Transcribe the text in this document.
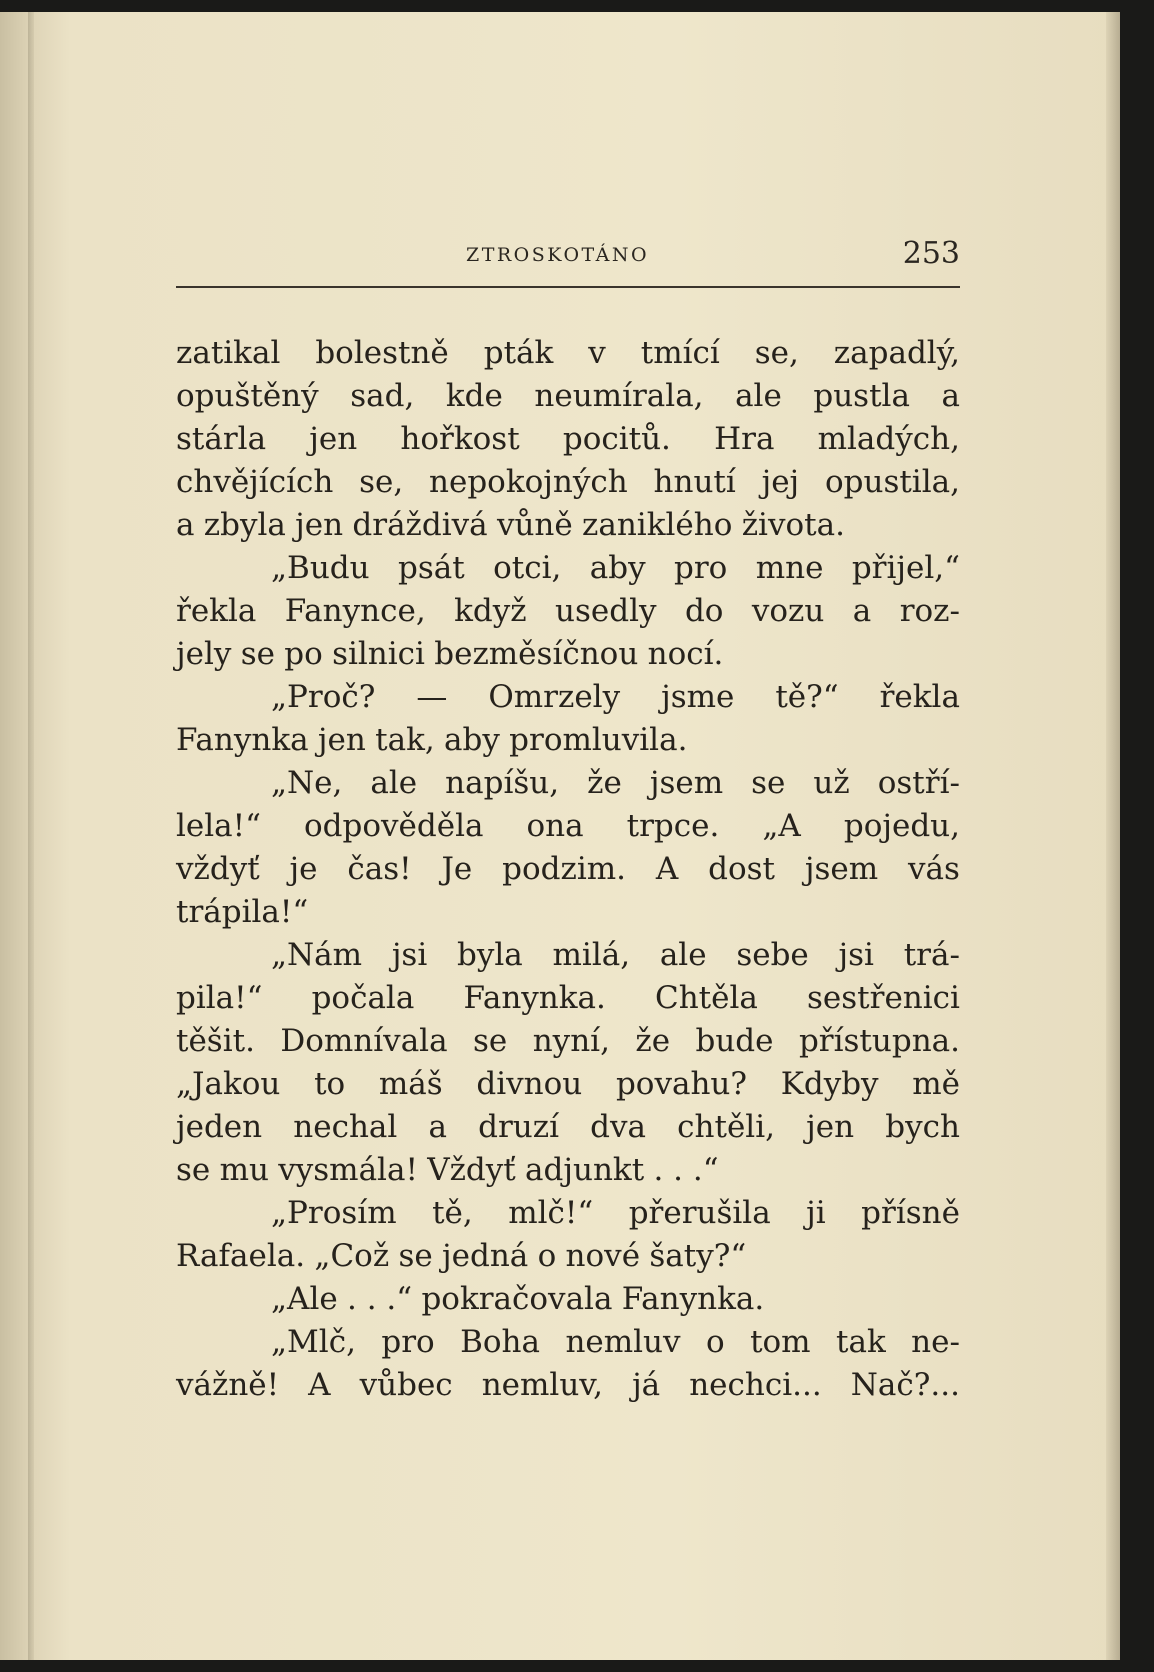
ZTROSKOTÁNO	253
zatikal bolestně pták v tmící se, zapadlý,
opuštěný sad, kde neumírala, ale pustla a
stárla jen hořkost pocitů. Hra mladých,
chvějících se, nepokojných hnutí jej opustila,
a zbyla jen dráždivá vůně zaniklého života.
„Budu psát otci, aby pro mne přijel,“
řekla Fanynce, když usedly do vozu a roz-
jely se po silnici bezměsíčnou nocí.
„Proč? — Omrzely jsme tě?“ řekla
Fanynka jen tak, aby promluvila.
„Ne, ale napíšu, že jsem se už ostří-
lela!“ odpověděla ona trpce. „A pojedu,
vždyť je čas! Je podzim. A dost jsem vás
trápila!“
„Nám jsi byla milá, ale sebe jsi trá-
pila!“ počala Fanynka. Chtěla sestřenici
těšit. Domnívala se nyní, že bude přístupna.
„Jakou to máš divnou povahu? Kdyby mě
jeden nechal a druzí dva chtěli, jen bych
se mu vysmála! Vždyť adjunkt . . .“
„Prosím tě, mlč!“ přerušila ji přísně
Rafaela. „Což se jedná o nové šaty?“
„Ale . . .“ pokračovala Fanynka.
„Mlč, pro Boha nemluv o tom tak ne-
vážně! A vůbec nemluv, já nechci... Nač?...
